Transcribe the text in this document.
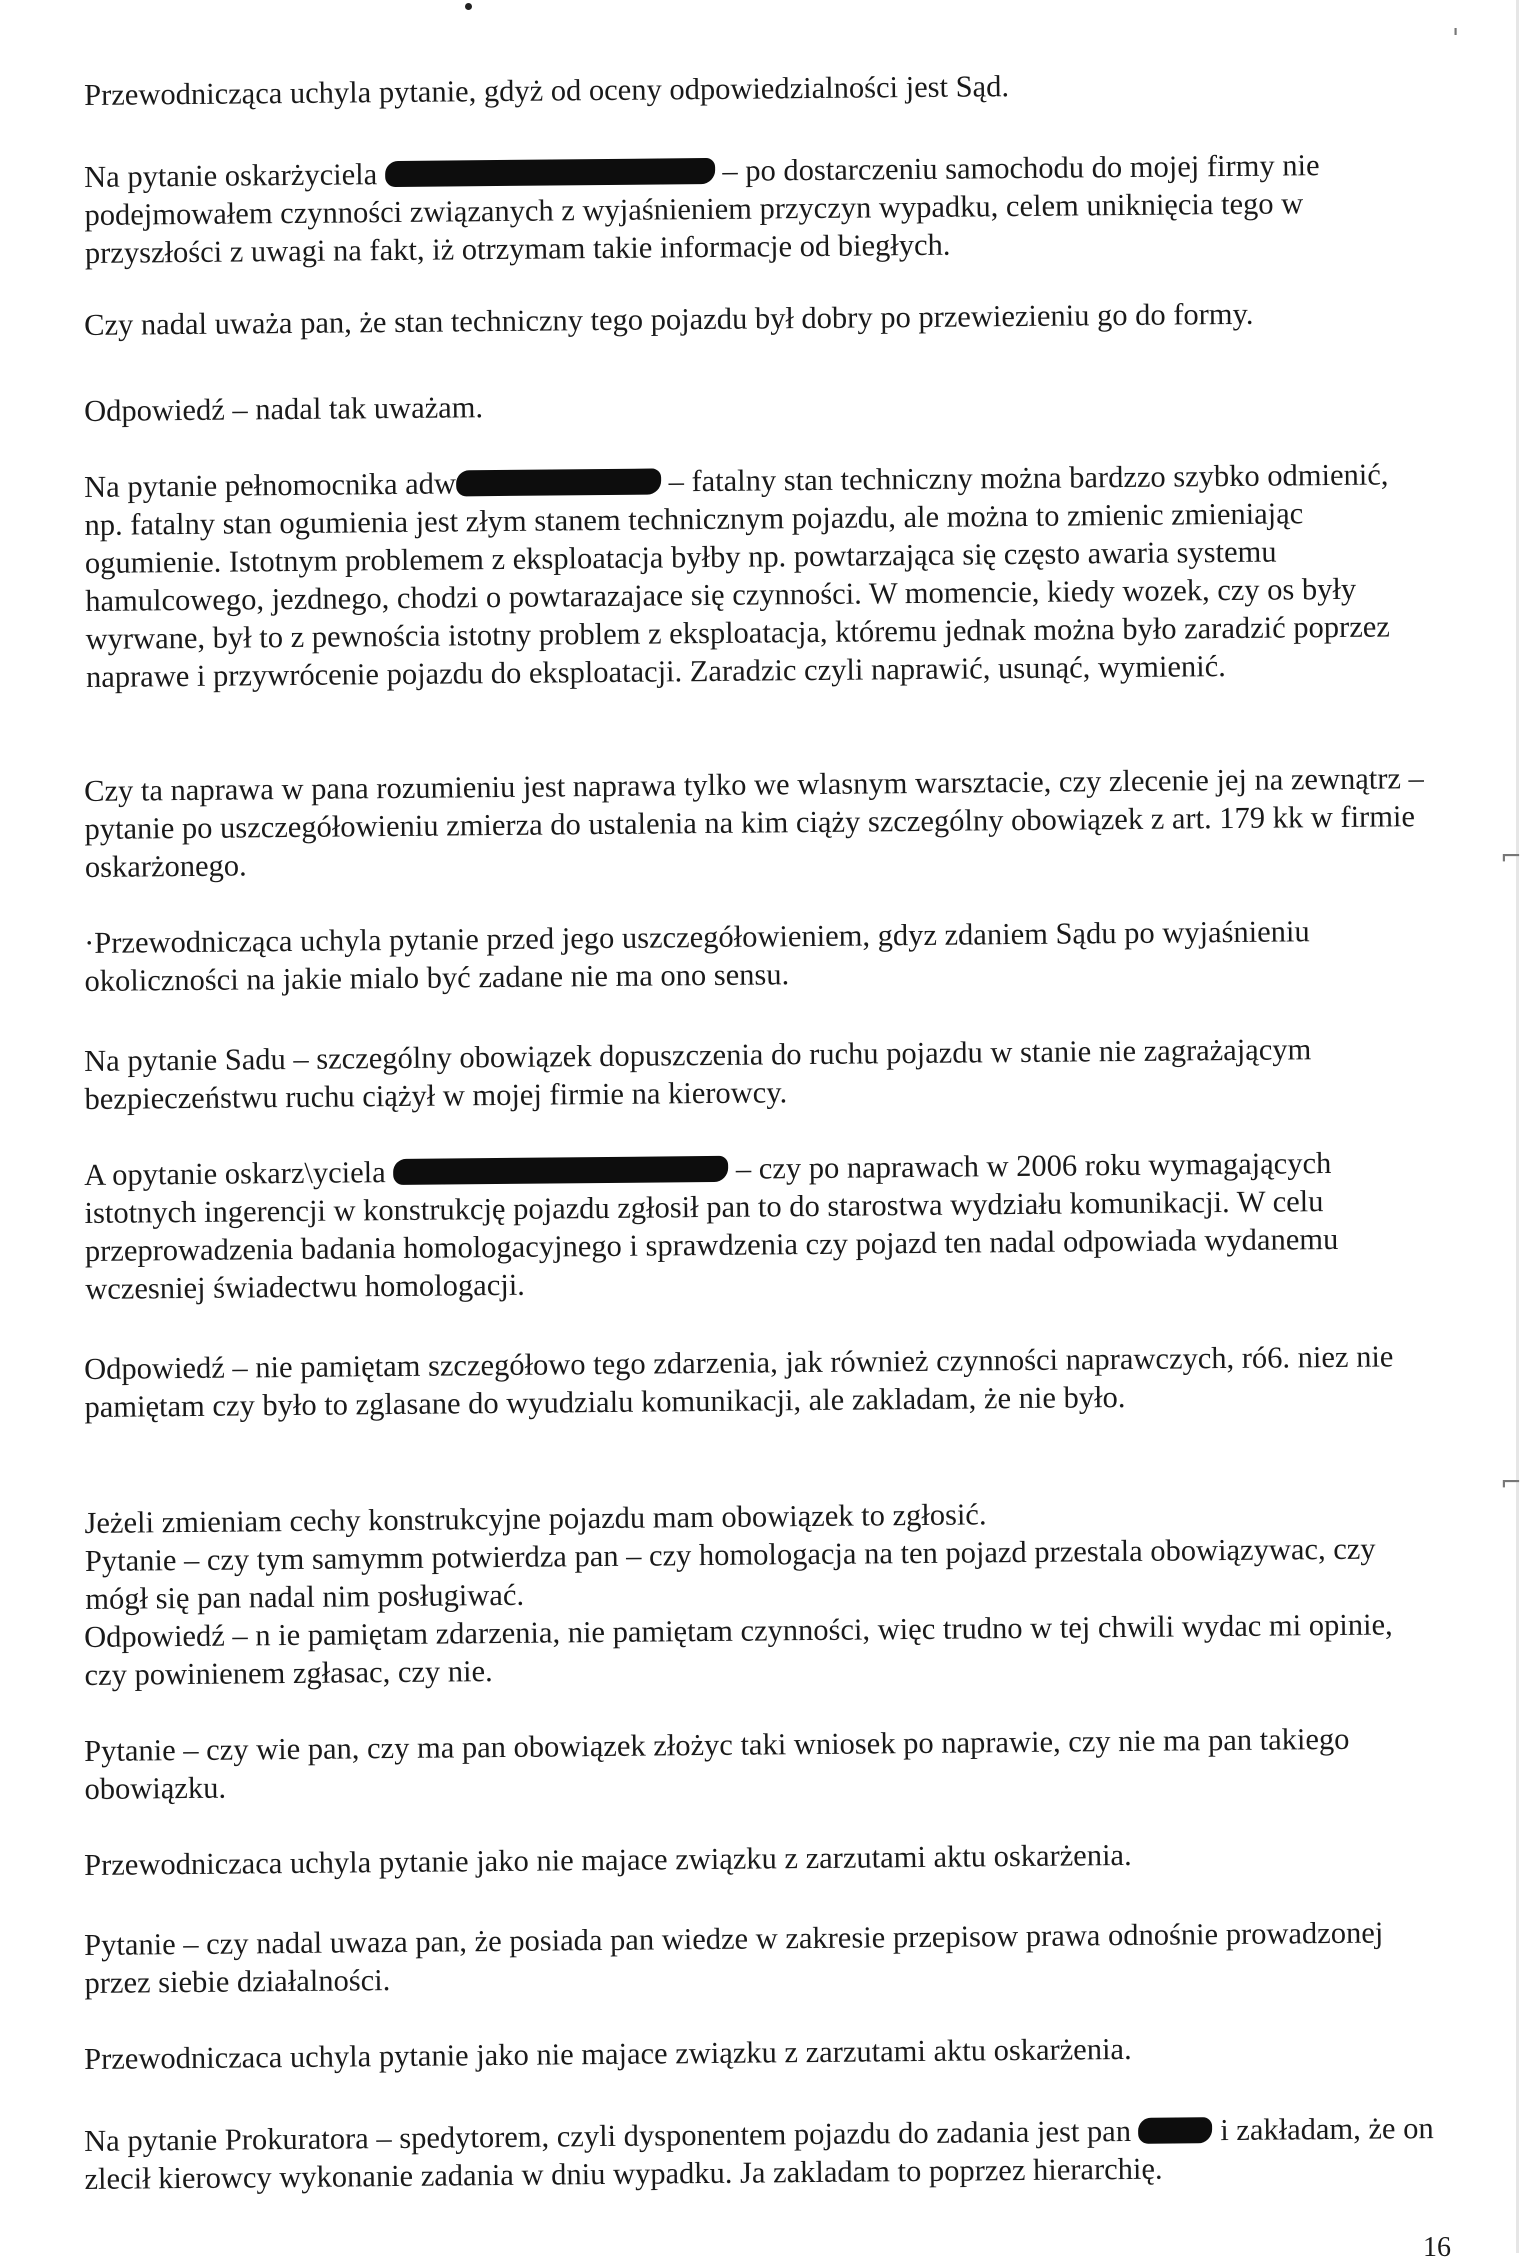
'
⌐
⌐

Przewodnicząca uchyla pytanie, gdyż od oceny odpowiedzialności jest Sąd.

Na pytanie oskarżyciela	– po dostarczeniu samochodu do mojej firmy nie podejmowałem czynności związanych z wyjaśnieniem przyczyn wypadku, celem uniknięcia tego w przyszłości z uwagi na fakt, iż otrzymam takie informacje od biegłych.

Czy nadal uważa pan, że stan techniczny tego pojazdu był dobry po przewiezieniu go do formy.

Odpowiedź – nadal tak uważam.

Na pytanie pełnomocnika adw	– fatalny stan techniczny można bardzzo szybko odmienić, np. fatalny stan ogumienia jest złym stanem technicznym pojazdu, ale można to zmienic zmieniając ogumienie. Istotnym problemem z eksploatacja byłby np. powtarzająca się często awaria systemu hamulcowego, jezdnego, chodzi o powtarazajace się czynności. W momencie, kiedy wozek, czy os były wyrwane, był to z pewnościa istotny problem z eksploatacja, któremu jednak można było zaradzić poprzez naprawe i przywrócenie pojazdu do eksploatacji. Zaradzic czyli naprawić, usunąć, wymienić.

Czy ta naprawa w pana rozumieniu jest naprawa tylko we wlasnym warsztacie, czy zlecenie jej na zewnątrz – pytanie po uszczegółowieniu zmierza do ustalenia na kim ciąży szczególny obowiązek z art. 179 kk w firmie oskarżonego.

·Przewodnicząca uchyla pytanie przed jego uszczegółowieniem, gdyz zdaniem Sądu po wyjaśnieniu okoliczności na jakie mialo być zadane nie ma ono sensu.

Na pytanie Sadu – szczególny obowiązek dopuszczenia do ruchu pojazdu w stanie nie zagrażającym bezpieczeństwu ruchu ciążył w mojej firmie na kierowcy.

A opytanie oskarz\yciela	– czy po naprawach w 2006 roku wymagających istotnych ingerencji w konstrukcję pojazdu zgłosił pan to do starostwa wydziału komunikacji. W celu przeprowadzenia badania homologacyjnego i sprawdzenia czy pojazd ten nadal odpowiada wydanemu wczesniej świadectwu homologacji.

Odpowiedź – nie pamiętam szczegółowo tego zdarzenia, jak również czynności naprawczych, ró6. niez nie pamiętam czy było to zglasane do wyudzialu komunikacji, ale zakladam, że nie było.

Jeżeli zmieniam cechy konstrukcyjne pojazdu mam obowiązek to zgłosić.
Pytanie – czy tym samymm potwierdza pan – czy homologacja na ten pojazd przestala obowiązywac, czy mógł się pan nadal nim posługiwać.

Odpowiedź – n ie pamiętam zdarzenia, nie pamiętam czynności, więc trudno w tej chwili wydac mi opinie, czy powinienem zgłasac, czy nie.

Pytanie – czy wie pan, czy ma pan obowiązek złożyc taki wniosek po naprawie, czy nie ma pan takiego obowiązku.

Przewodniczaca uchyla pytanie jako nie majace związku z zarzutami aktu oskarżenia.

Pytanie – czy nadal uwaza pan, że posiada pan wiedze w zakresie przepisow prawa odnośnie prowadzonej przez siebie działalności.

Przewodniczaca uchyla pytanie jako nie majace związku z zarzutami aktu oskarżenia.

Na pytanie Prokuratora – spedytorem, czyli dysponentem pojazdu do zadania jest pan	i zakładam, że on zlecił kierowcy wykonanie zadania w dniu wypadku. Ja zakladam to poprzez hierarchię.

16
